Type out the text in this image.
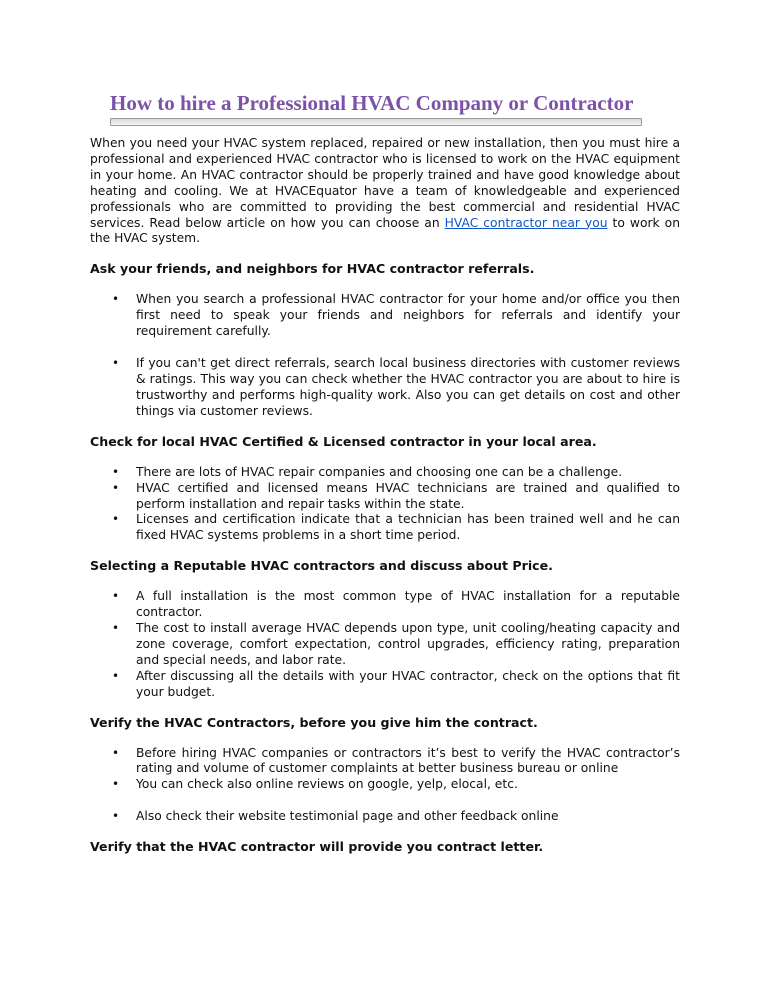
How to hire a Professional HVAC Company or Contractor

When you need your HVAC system replaced, repaired or new installation, then you must hire a professional and experienced HVAC contractor who is licensed to work on the HVAC equipment in your home. An HVAC contractor should be properly trained and have good knowledge about heating and cooling. We at HVACEquator have a team of knowledgeable and experienced professionals who are committed to providing the best commercial and residential HVAC services. Read below article on how you can choose an HVAC contractor near you to work on the HVAC system.

Ask your friends, and neighbors for HVAC contractor referrals.
• When you search a professional HVAC contractor for your home and/or office you then first need to speak your friends and neighbors for referrals and identify your requirement carefully.
• If you can't get direct referrals, search local business directories with customer reviews & ratings. This way you can check whether the HVAC contractor you are about to hire is trustworthy and performs high-quality work. Also you can get details on cost and other things via customer reviews.
Check for local HVAC Certified & Licensed contractor in your local area.
• There are lots of HVAC repair companies and choosing one can be a challenge.
• HVAC certified and licensed means HVAC technicians are trained and qualified to perform installation and repair tasks within the state.
• Licenses and certification indicate that a technician has been trained well and he can fixed HVAC systems problems in a short time period.
Selecting a Reputable HVAC contractors and discuss about Price.
• A full installation is the most common type of HVAC installation for a reputable contractor.
• The cost to install average HVAC depends upon type, unit cooling/heating capacity and zone coverage, comfort expectation, control upgrades, efficiency rating, preparation and special needs, and labor rate.
• After discussing all the details with your HVAC contractor, check on the options that fit your budget.
Verify the HVAC Contractors, before you give him the contract.
• Before hiring HVAC companies or contractors it’s best to verify the HVAC contractor’s rating and volume of customer complaints at better business bureau or online
• You can check also online reviews on google, yelp, elocal, etc.
• Also check their website testimonial page and other feedback online
Verify that the HVAC contractor will provide you contract letter.
